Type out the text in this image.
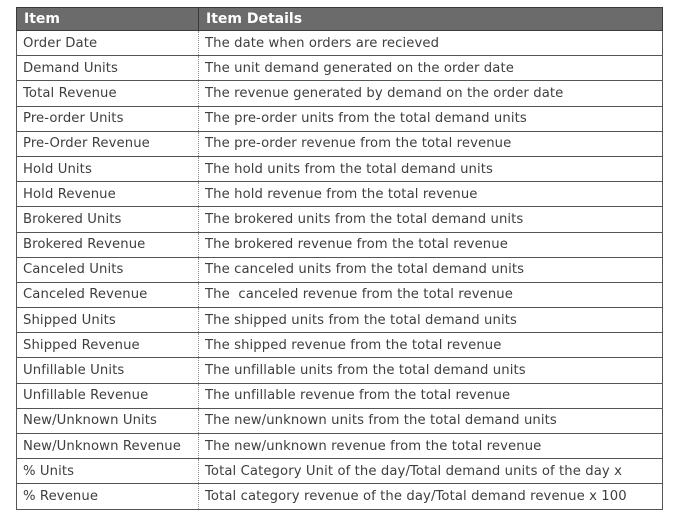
Item	Item Details
Order Date	The date when orders are recieved
Demand Units	The unit demand generated on the order date
Total Revenue	The revenue generated by demand on the order date
Pre-order Units	The pre-order units from the total demand units
Pre-Order Revenue	The pre-order revenue from the total revenue
Hold Units	The hold units from the total demand units
Hold Revenue	The hold revenue from the total revenue
Brokered Units	The brokered units from the total demand units
Brokered Revenue	The brokered revenue from the total revenue
Canceled Units	The canceled units from the total demand units
Canceled Revenue	The  canceled revenue from the total revenue
Shipped Units	The shipped units from the total demand units
Shipped Revenue	The shipped revenue from the total revenue
Unfillable Units	The unfillable units from the total demand units
Unfillable Revenue	The unfillable revenue from the total revenue
New/Unknown Units	The new/unknown units from the total demand units
New/Unknown Revenue	The new/unknown revenue from the total revenue
% Units	Total Category Unit of the day/Total demand units of the day x
% Revenue	Total category revenue of the day/Total demand revenue x 100
